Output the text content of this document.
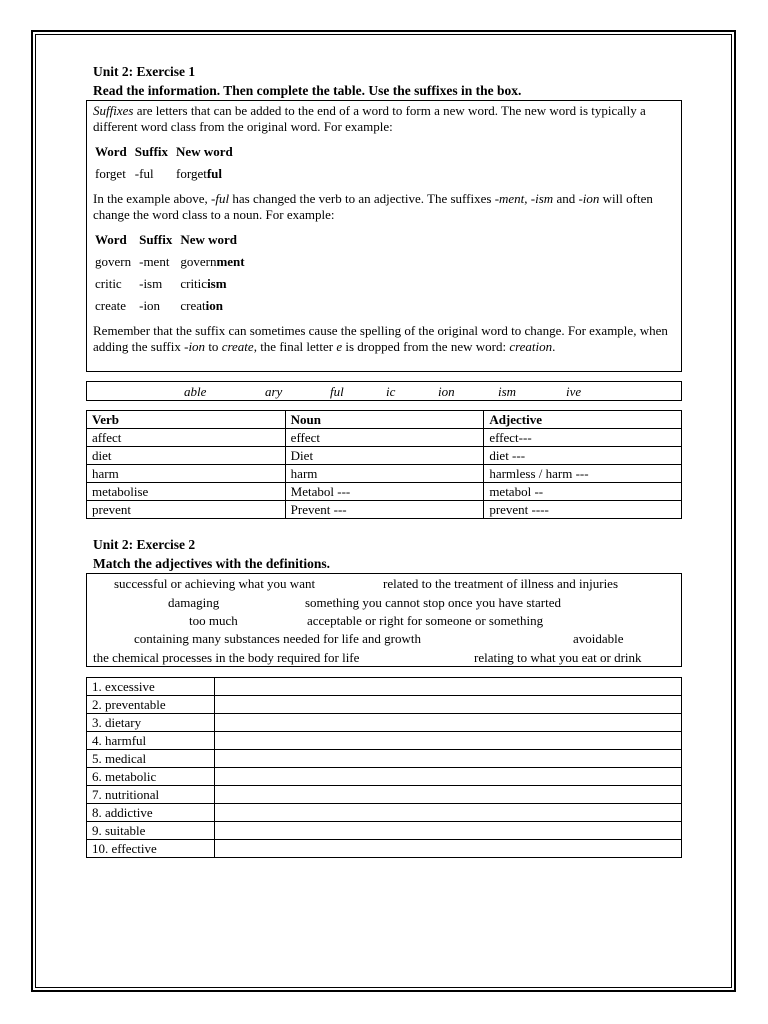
Unit 2: Exercise 1
Read the information. Then complete the table. Use the suffixes in the box.

Suffixes are letters that can be added to the end of a word to form a new word. The new word is typically a different word class from the original word. For example:

Word	Suffix	New word
forget	-ful	forgetful

In the example above, -ful has changed the verb to an adjective. The suffixes -ment, -ism and -ion will often change the word class to a noun. For example:

Word	Suffix	New word
govern	-ment	government
critic	-ism	criticism
create	-ion	creation

Remember that the suffix can sometimes cause the spelling of the original word to change. For example, when adding the suffix -ion to create, the final letter e is dropped from the new word: creation.

able	ary	ful	ic	ion	ism	ive
Verb	Noun	Adjective
affect	effect	effect---
diet	Diet	diet ---
harm	harm	harmless / harm ---
metabolise	Metabol ---	metabol --
prevent	Prevent ---	prevent ----
Unit 2: Exercise 2
Match the adjectives with the definitions.
successful or achieving what you want	related to the treatment of illness and injuries
damaging	something you cannot stop once you have started
too much	acceptable or right for someone or something
containing many substances needed for life and growth	avoidable
the chemical processes in the body required for life	relating to what you eat or drink
1. excessive	
2. preventable	
3. dietary	
4. harmful	
5. medical	
6. metabolic	
7. nutritional	
8. addictive	
9. suitable	
10. effective	
